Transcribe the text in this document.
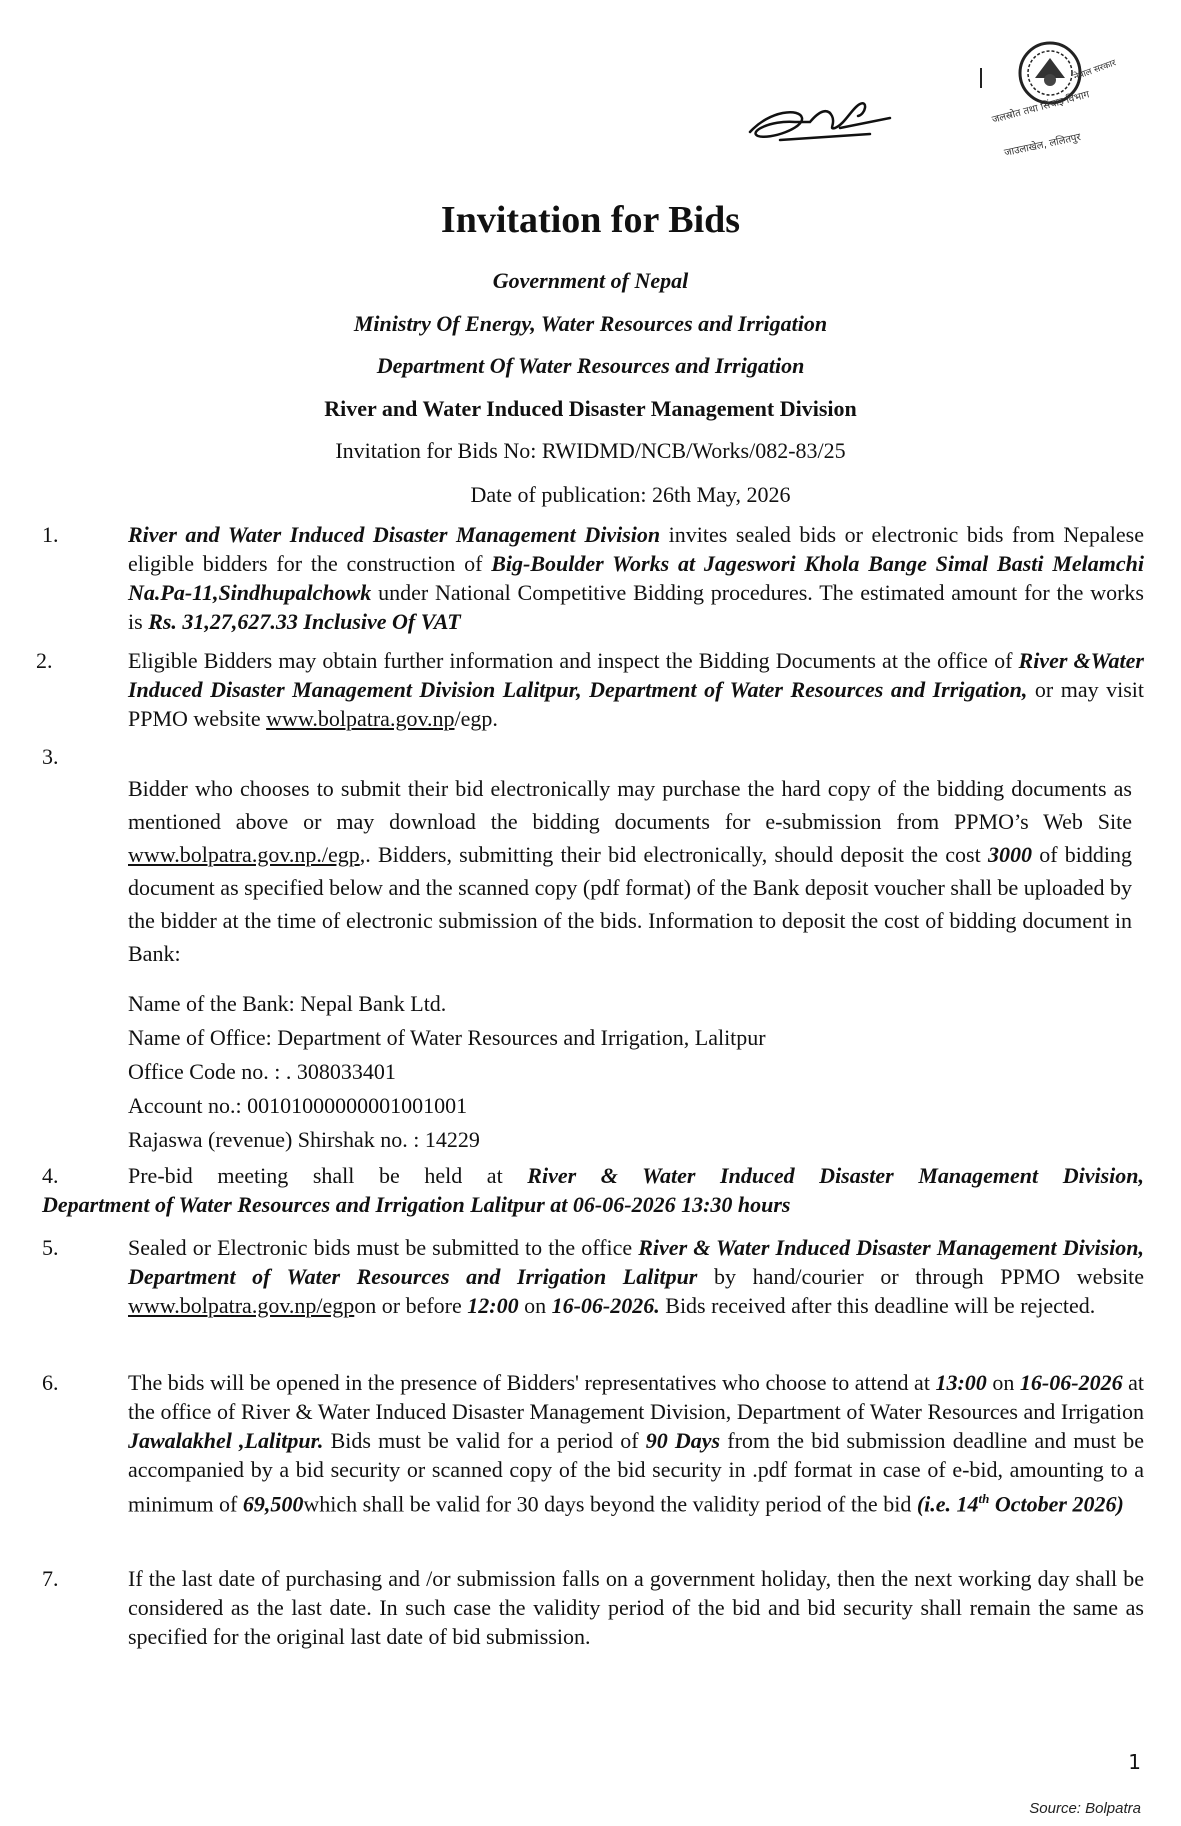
नेपाल सरकार
जलस्रोत तथा सिंचाइ विभाग
जाउलाखेल, ललितपुर
Invitation for Bids
Government of Nepal
Ministry Of Energy, Water Resources and Irrigation
Department Of Water Resources and Irrigation
River and Water Induced Disaster Management Division
Invitation for Bids No: RWIDMD/NCB/Works/082-83/25
Date of publication: 26th May, 2026
1.	River and Water Induced Disaster Management Division invites sealed bids or electronic bids from Nepalese eligible bidders for the construction of Big-Boulder Works at Jageswori Khola Bange Simal Basti Melamchi Na.Pa-11,Sindhupalchowk under National Competitive Bidding procedures. The estimated amount for the works is Rs. 31,27,627.33 Inclusive Of VAT
2.	Eligible Bidders may obtain further information and inspect the Bidding Documents at the office of River &Water Induced Disaster Management Division Lalitpur, Department of Water Resources and Irrigation, or may visit PPMO website www.bolpatra.gov.np/egp.
3.
Bidder who chooses to submit their bid electronically may purchase the hard copy of the bidding documents as mentioned above or may download the bidding documents for e-submission from PPMO’s Web Site www.bolpatra.gov.np./egp,. Bidders, submitting their bid electronically, should deposit the cost 3000 of bidding document as specified below and the scanned copy (pdf format) of the Bank deposit voucher shall be uploaded by the bidder at the time of electronic submission of the bids. Information to deposit the cost of bidding document in Bank:
Name of the Bank: Nepal Bank Ltd.
Name of Office: Department of Water Resources and Irrigation, Lalitpur
Office Code no. : . 308033401
Account no.: 00101000000001001001
Rajaswa (revenue) Shirshak no. : 14229
4.	Pre-bid meeting shall be held at River & Water Induced Disaster Management Division,
Department of Water Resources and Irrigation Lalitpur at 06-06-2026 13:30 hours
5.	Sealed or Electronic bids must be submitted to the office River & Water Induced Disaster Management Division, Department of Water Resources and Irrigation Lalitpur by hand/courier or through PPMO website www.bolpatra.gov.np/egpon or before 12:00 on 16-06-2026. Bids received after this deadline will be rejected.
6.	The bids will be opened in the presence of Bidders' representatives who choose to attend at 13:00 on 16-06-2026 at the office of River & Water Induced Disaster Management Division, Department of Water Resources and Irrigation Jawalakhel ,Lalitpur. Bids must be valid for a period of 90 Days from the bid submission deadline and must be accompanied by a bid security or scanned copy of the bid security in .pdf format in case of e-bid, amounting to a minimum of 69,500which shall be valid for 30 days beyond the validity period of the bid (i.e. 14th October 2026)
7.	If the last date of purchasing and /or submission falls on a government holiday, then the next working day shall be considered as the last date. In such case the validity period of the bid and bid security shall remain the same as specified for the original last date of bid submission.
1
Source: Bolpatra
